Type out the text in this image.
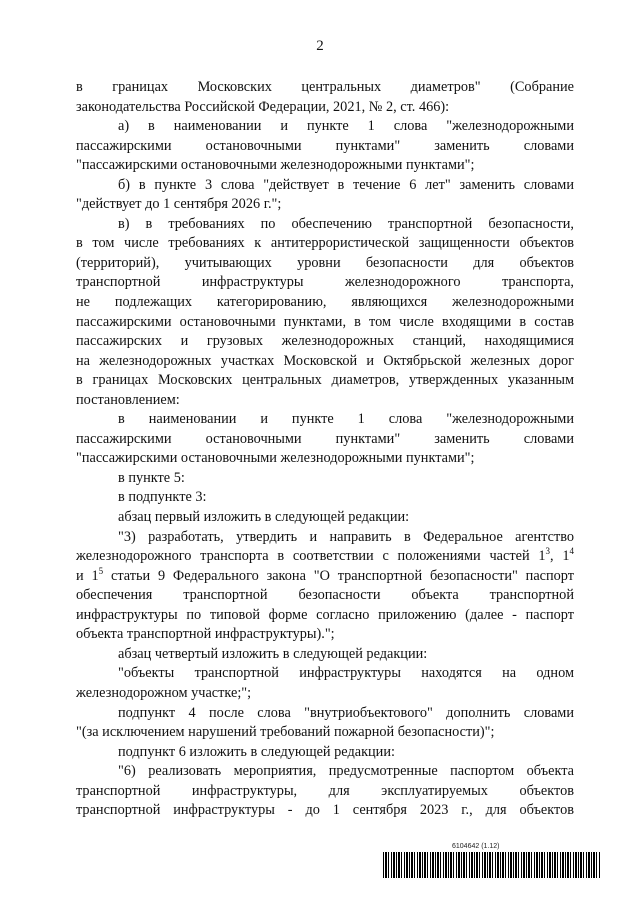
2
в границах Московских центральных диаметров" (Собрание
законодательства Российской Федерации, 2021, № 2, ст. 466):
а) в наименовании и пункте 1 слова "железнодорожными
пассажирскими остановочными пунктами" заменить словами
"пассажирскими остановочными железнодорожными пунктами";
б) в пункте 3 слова "действует в течение 6 лет" заменить словами
"действует до 1 сентября 2026 г.";
в) в требованиях по обеспечению транспортной безопасности,
в том числе требованиях к антитеррористической защищенности объектов
(территорий), учитывающих уровни безопасности для объектов
транспортной инфраструктуры железнодорожного транспорта,
не подлежащих категорированию, являющихся железнодорожными
пассажирскими остановочными пунктами, в том числе входящими в состав
пассажирских и грузовых железнодорожных станций, находящимися
на железнодорожных участках Московской и Октябрьской железных дорог
в границах Московских центральных диаметров, утвержденных указанным
постановлением:
в наименовании и пункте 1 слова "железнодорожными
пассажирскими остановочными пунктами" заменить словами
"пассажирскими остановочными железнодорожными пунктами";
в пункте 5:
в подпункте 3:
абзац первый изложить в следующей редакции:
"3) разработать, утвердить и направить в Федеральное агентство
железнодорожного транспорта в соответствии с положениями частей $1^3$, $1^4$
и $1^5$ статьи 9 Федерального закона "О транспортной безопасности" паспорт
обеспечения транспортной безопасности объекта транспортной
инфраструктуры по типовой форме согласно приложению (далее - паспорт
объекта транспортной инфраструктуры).";
абзац четвертый изложить в следующей редакции:
"объекты транспортной инфраструктуры находятся на одном
железнодорожном участке;";
подпункт 4 после слова "внутриобъектового" дополнить словами
"(за исключением нарушений требований пожарной безопасности)";
подпункт 6 изложить в следующей редакции:
"6) реализовать мероприятия, предусмотренные паспортом объекта
транспортной инфраструктуры, для эксплуатируемых объектов
транспортной инфраструктуры - до 1 сентября 2023 г., для объектов
6104642 (1.12)
